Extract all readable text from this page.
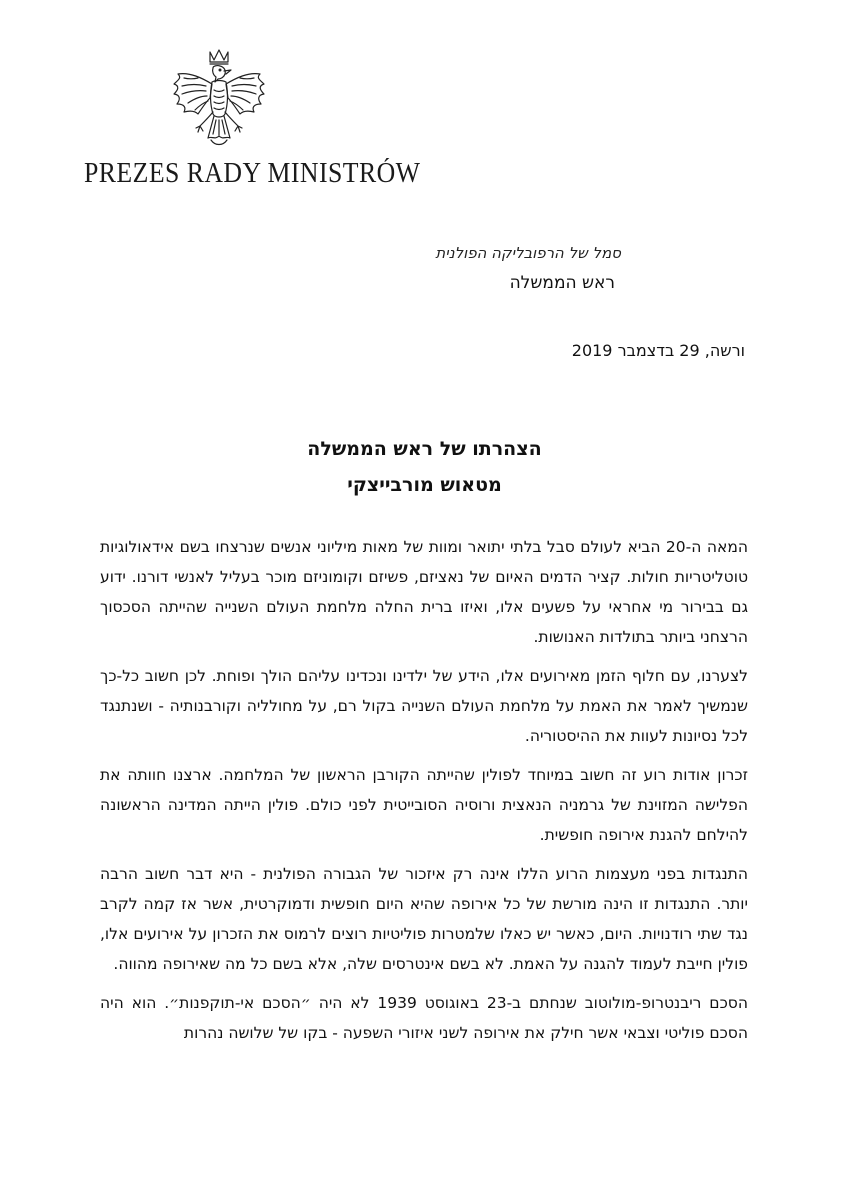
PREZES RADY MINISTRÓW
סמל של הרפובליקה הפולנית
ראש הממשלה
ורשה, 29 בדצמבר 2019
הצהרתו של ראש הממשלה
מטאוש מורבייצקי

המאה ה-20 הביא לעולם סבל בלתי יתואר ומוות של מאות מיליוני אנשים שנרצחו בשם אידאולוגיות טוטליטריות חולות. קציר הדמים האיום של נאציזם, פשיזם וקומוניזם מוכר בעליל לאנשי דורנו. ידוע גם בבירור מי אחראי על פשעים אלו, ואיזו ברית החלה מלחמת העולם השנייה שהייתה הסכסוך הרצחני ביותר בתולדות האנושות.

לצערנו, עם חלוף הזמן מאירועים אלו, הידע של ילדינו ונכדינו עליהם הולך ופוחת. לכן חשוב כל-כך שנמשיך לאמר את האמת על מלחמת העולם השנייה בקול רם, על מחולליה וקורבנותיה - ושנתנגד לכל נסיונות לעוות את ההיסטוריה.

זכרון אודות רוע זה חשוב במיוחד לפולין שהייתה הקורבן הראשון של המלחמה. ארצנו חוותה את הפלישה המזוינת של גרמניה הנאצית ורוסיה הסובייטית לפני כולם. פולין הייתה המדינה הראשונה להילחם להגנת אירופה חופשית.

התנגדות בפני מעצמות הרוע הללו אינה רק איזכור של הגבורה הפולנית - היא דבר חשוב הרבה יותר. התנגדות זו הינה מורשת של כל אירופה שהיא היום חופשית ודמוקרטית, אשר אז קמה לקרב נגד שתי רודנויות. היום, כאשר יש כאלו שלמטרות פוליטיות רוצים לרמוס את הזכרון על אירועים אלו, פולין חייבת לעמוד להגנה על האמת. לא בשם אינטרסים שלה, אלא בשם כל מה שאירופה מהווה.

הסכם ריבנטרופ-מולוטוב שנחתם ב-23 באוגוסט 1939 לא היה ״הסכם אי-תוקפנות״. הוא היה הסכם פוליטי וצבאי אשר חילק את אירופה לשני איזורי השפעה - בקו של שלושה נהרות
